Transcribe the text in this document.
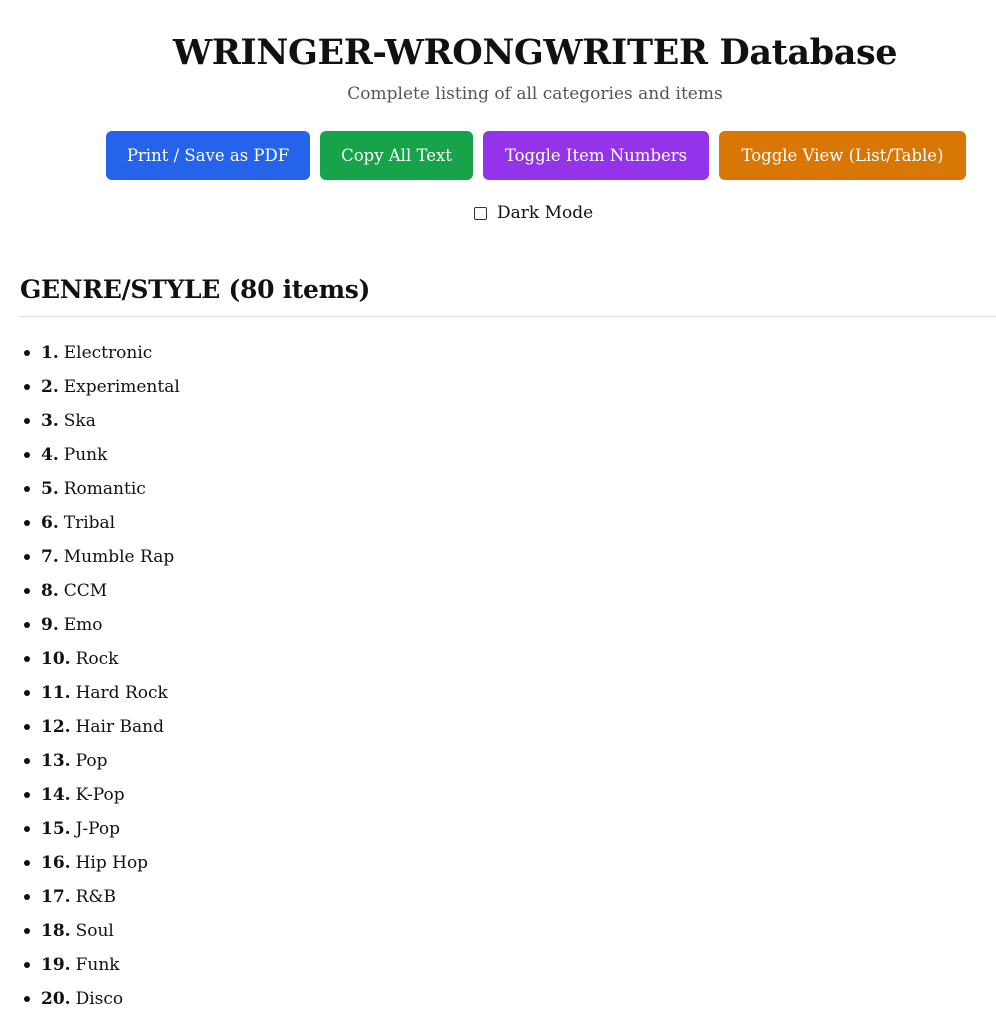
WRINGER-WRONGWRITER Database
Complete listing of all categories and items
Print / Save as PDF	Copy All Text	Toggle Item Numbers	Toggle View (List/Table)
Dark Mode
GENRE/STYLE (80 items)
1. Electronic
2. Experimental
3. Ska
4. Punk
5. Romantic
6. Tribal
7. Mumble Rap
8. CCM
9. Emo
10. Rock
11. Hard Rock
12. Hair Band
13. Pop
14. K-Pop
15. J-Pop
16. Hip Hop
17. R&B
18. Soul
19. Funk
20. Disco
